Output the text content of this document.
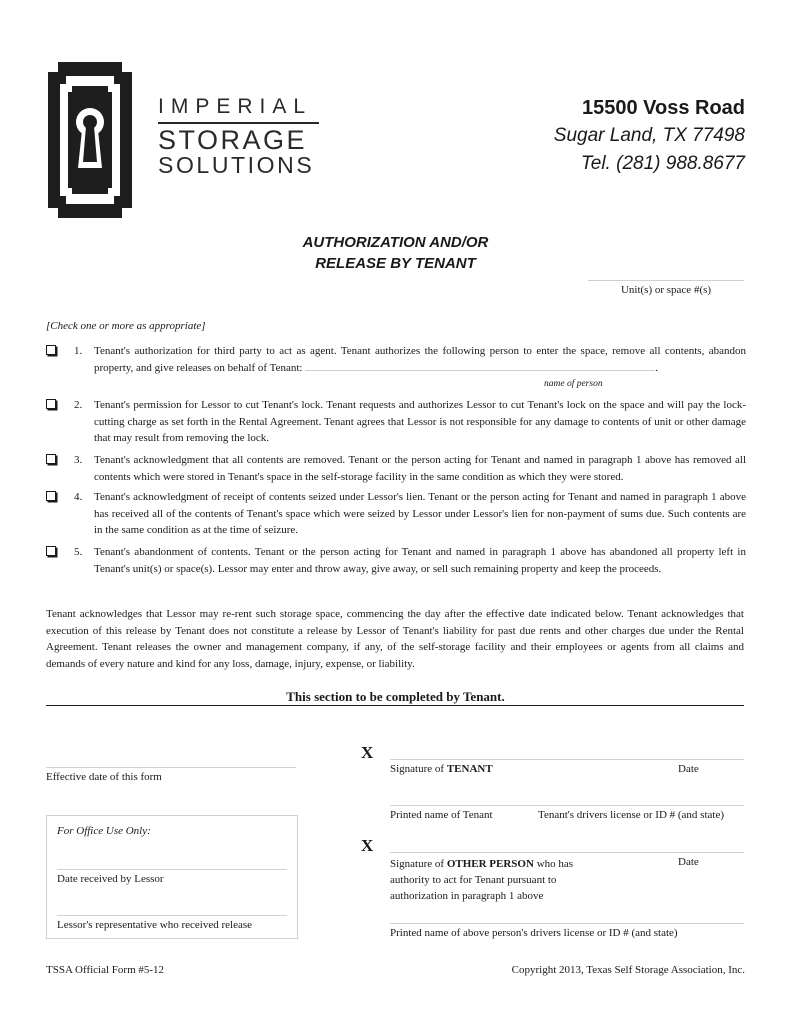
IMPERIAL
STORAGE
SOLUTIONS
15500 Voss Road
Sugar Land, TX 77498
Tel. (281) 988.8677
AUTHORIZATION AND/OR
RELEASE BY TENANT
Unit(s) or space #(s)
[Check one or more as appropriate]
1. Tenant's authorization for third party to act as agent. Tenant authorizes the following person to enter the space, remove all contents, abandon property, and give releases on behalf of Tenant:	.
name of person
2. Tenant's permission for Lessor to cut Tenant's lock. Tenant requests and authorizes Lessor to cut Tenant's lock on the space and will pay the lock-cutting charge as set forth in the Rental Agreement. Tenant agrees that Lessor is not responsible for any damage to contents of unit or other damage that may result from removing the lock.
3. Tenant's acknowledgment that all contents are removed. Tenant or the person acting for Tenant and named in paragraph 1 above has removed all contents which were stored in Tenant's space in the self-storage facility in the same condition as which they were stored.
4. Tenant's acknowledgment of receipt of contents seized under Lessor's lien. Tenant or the person acting for Tenant and named in paragraph 1 above has received all of the contents of Tenant's space which were seized by Lessor under Lessor's lien for non-payment of sums due. Such contents are in the same condition as at the time of seizure.
5. Tenant's abandonment of contents. Tenant or the person acting for Tenant and named in paragraph 1 above has abandoned all property left in Tenant's unit(s) or space(s). Lessor may enter and throw away, give away, or sell such remaining property and keep the proceeds.
Tenant acknowledges that Lessor may re-rent such storage space, commencing the day after the effective date indicated below. Tenant acknowledges that execution of this release by Tenant does not constitute a release by Lessor of Tenant's liability for past due rents and other charges due under the Rental Agreement. Tenant releases the owner and management company, if any, of the self-storage facility and their employees or agents from all claims and demands of every nature and kind for any loss, damage, injury, expense, or liability.
This section to be completed by Tenant.
Effective date of this form
For Office Use Only:
Date received by Lessor
Lessor's representative who received release
X
Signature of TENANT	Date
Printed name of Tenant	Tenant's drivers license or ID # (and state)
X
Signature of OTHER PERSON who has
authority to act for Tenant pursuant to
authorization in paragraph 1 above
Date
Printed name of above person's drivers license or ID # (and state)
TSSA Official Form #5-12	Copyright 2013, Texas Self Storage Association, Inc.
